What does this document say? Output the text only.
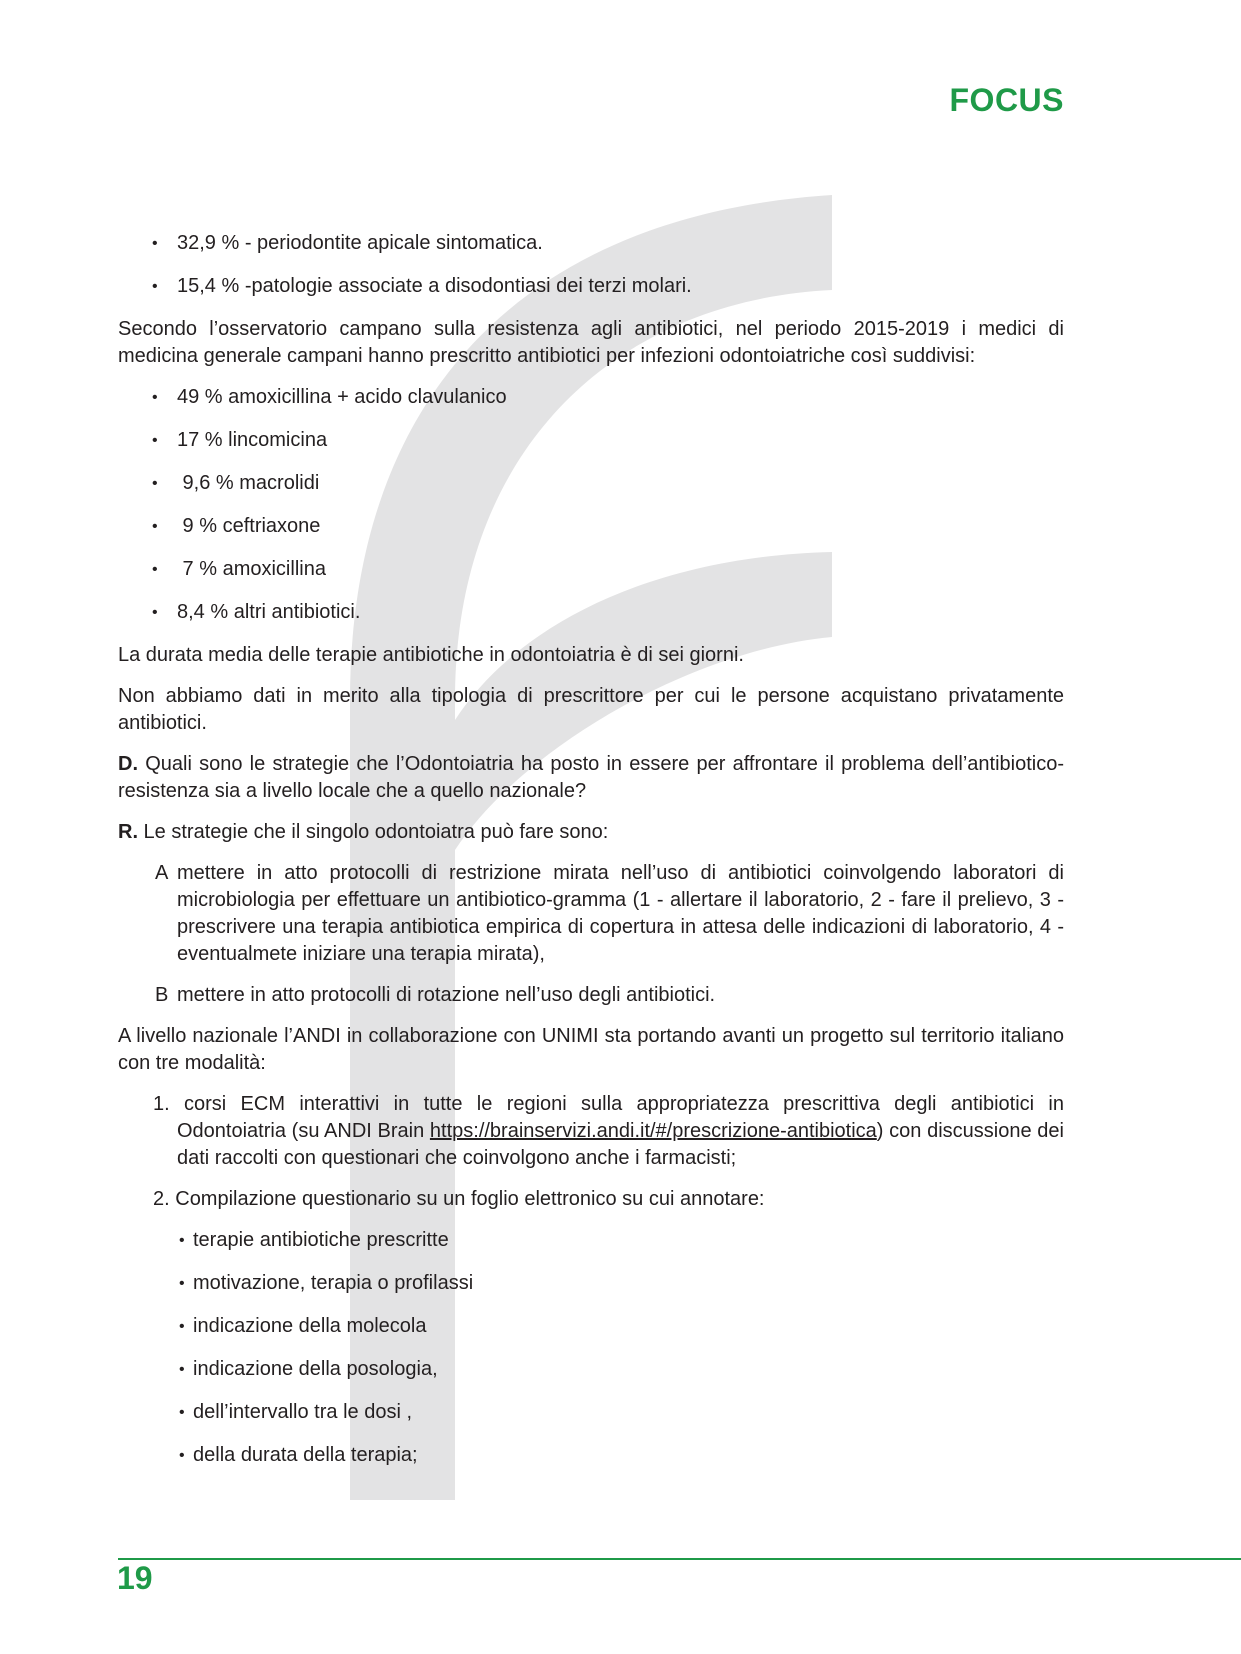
FOCUS
• 32,9 % - periodontite apicale sintomatica.
• 15,4 % -patologie associate a disodontiasi dei terzi molari.
Secondo l’osservatorio campano sulla resistenza agli antibiotici, nel periodo 2015-2019 i medici di medicina generale campani hanno prescritto antibiotici per infezioni odontoiatriche così suddivisi:
• 49 % amoxicillina + acido clavulanico
• 17 % lincomicina
•  9,6 % macrolidi
•  9 % ceftriaxone
•  7 % amoxicillina
• 8,4 % altri antibiotici.
La durata media delle terapie antibiotiche in odontoiatria è di sei giorni.
Non abbiamo dati in merito alla tipologia di prescrittore per cui le persone acquistano privatamente antibiotici.
D. Quali sono le strategie che l’Odontoiatria ha posto in essere per affrontare il problema dell’antibiotico-resistenza sia a livello locale che a quello nazionale?
R. Le strategie che il singolo odontoiatra può fare sono:
A mettere in atto protocolli di restrizione mirata nell’uso di antibiotici coinvolgendo laboratori di microbiologia per effettuare un antibiotico-gramma (1 - allertare il laboratorio, 2 - fare il prelievo, 3 - prescrivere una terapia antibiotica empirica di copertura in attesa delle indicazioni di laboratorio, 4 -eventualmete iniziare una terapia mirata),
B mettere in atto protocolli di rotazione nell’uso degli antibiotici.
A livello nazionale l’ANDI in collaborazione con UNIMI sta portando avanti un progetto sul territorio italiano con tre modalità:
1. corsi ECM interattivi in tutte le regioni sulla appropriatezza prescrittiva degli antibiotici in Odontoiatria (su ANDI Brain https://brainservizi.andi.it/#/prescrizione-antibiotica) con discussione dei dati raccolti con questionari che coinvolgono anche i farmacisti;
2. Compilazione questionario su un foglio elettronico su cui annotare:
• terapie antibiotiche prescritte
• motivazione, terapia o profilassi
• indicazione della molecola
• indicazione della posologia,
• dell’intervallo tra le dosi ,
• della durata della terapia;
19
